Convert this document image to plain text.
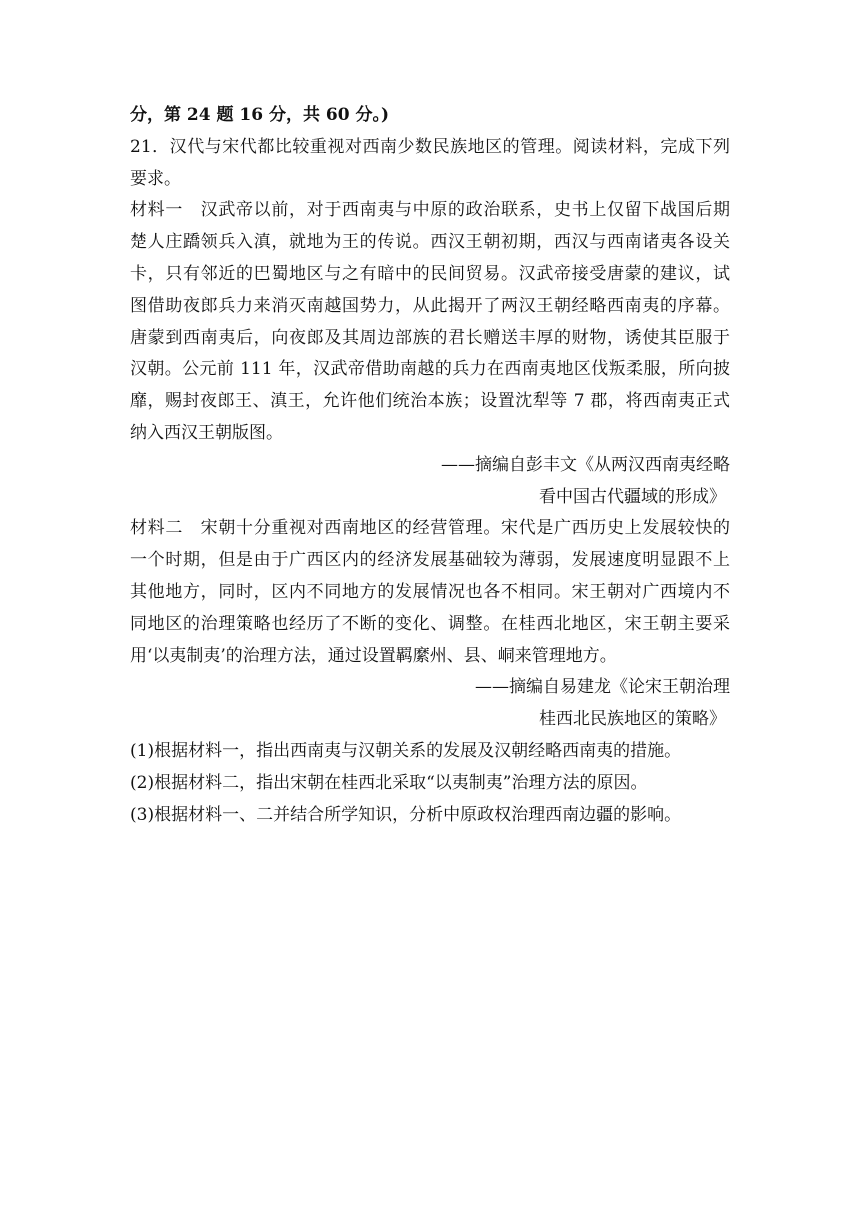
分，第 24 题 16 分，共 60 分。)
21．汉代与宋代都比较重视对西南少数民族地区的管理。阅读材料，完成下列
要求。
材料一　汉武帝以前，对于西南夷与中原的政治联系，史书上仅留下战国后期
楚人庄蹻领兵入滇，就地为王的传说。西汉王朝初期，西汉与西南诸夷各设关
卡，只有邻近的巴蜀地区与之有暗中的民间贸易。汉武帝接受唐蒙的建议，试
图借助夜郎兵力来消灭南越国势力，从此揭开了两汉王朝经略西南夷的序幕。
唐蒙到西南夷后，向夜郎及其周边部族的君长赠送丰厚的财物，诱使其臣服于
汉朝。公元前 111 年，汉武帝借助南越的兵力在西南夷地区伐叛柔服，所向披
靡，赐封夜郎王、滇王，允许他们统治本族；设置沈犁等 7 郡，将西南夷正式
纳入西汉王朝版图。
——摘编自彭丰文《从两汉西南夷经略
看中国古代疆域的形成》
材料二　宋朝十分重视对西南地区的经营管理。宋代是广西历史上发展较快的
一个时期，但是由于广西区内的经济发展基础较为薄弱，发展速度明显跟不上
其他地方，同时，区内不同地方的发展情况也各不相同。宋王朝对广西境内不
同地区的治理策略也经历了不断的变化、调整。在桂西北地区，宋王朝主要采
用‘以夷制夷’的治理方法，通过设置羁縻州、县、峒来管理地方。
——摘编自易建龙《论宋王朝治理
桂西北民族地区的策略》
(1)根据材料一，指出西南夷与汉朝关系的发展及汉朝经略西南夷的措施。
(2)根据材料二，指出宋朝在桂西北采取“以夷制夷”治理方法的原因。
(3)根据材料一、二并结合所学知识，分析中原政权治理西南边疆的影响。
